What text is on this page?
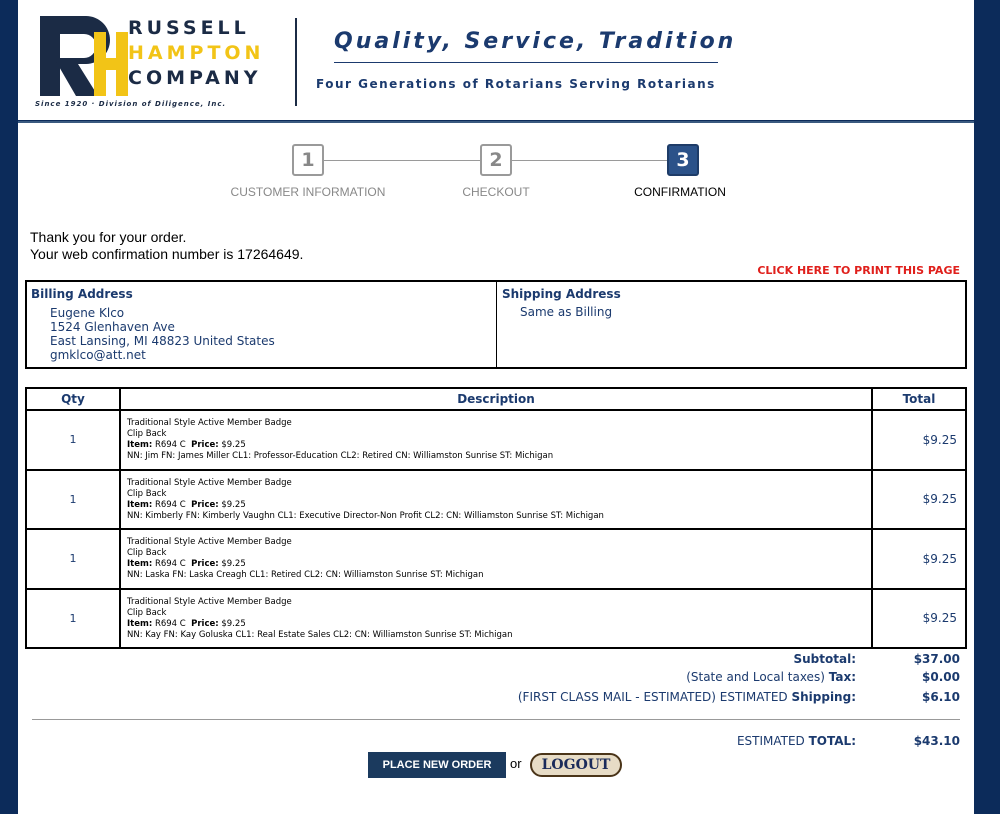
RUSSELL
HAMPTON
COMPANY
Since 1920 · Division of Diligence, Inc.
Quality, Service, Tradition
Four Generations of Rotarians Serving Rotarians
1	2	3
CUSTOMER INFORMATION	CHECKOUT	CONFIRMATION
Thank you for your order.
Your web confirmation number is 17264649.
CLICK HERE TO PRINT THIS PAGE
Billing Address
Eugene Klco
1524 Glenhaven Ave
East Lansing, MI 48823 United States
gmklco@att.net
Shipping Address
Same as Billing
Qty	Description	Total
1	Traditional Style Active Member Badge
Clip Back
Item: R694 C Price: $9.25
NN: Jim FN: James Miller CL1: Professor-Education CL2: Retired CN: Williamston Sunrise ST: Michigan	$9.25
1	Traditional Style Active Member Badge
Clip Back
Item: R694 C Price: $9.25
NN: Kimberly FN: Kimberly Vaughn CL1: Executive Director-Non Profit CL2: CN: Williamston Sunrise ST: Michigan	$9.25
1	Traditional Style Active Member Badge
Clip Back
Item: R694 C Price: $9.25
NN: Laska FN: Laska Creagh CL1: Retired CL2: CN: Williamston Sunrise ST: Michigan	$9.25
1	Traditional Style Active Member Badge
Clip Back
Item: R694 C Price: $9.25
NN: Kay FN: Kay Goluska CL1: Real Estate Sales CL2: CN: Williamston Sunrise ST: Michigan	$9.25
Subtotal:	$37.00
(State and Local taxes) Tax:	$0.00
(FIRST CLASS MAIL - ESTIMATED) ESTIMATED Shipping:	$6.10
ESTIMATED TOTAL:	$43.10
PLACE NEW ORDER	or	LOGOUT
